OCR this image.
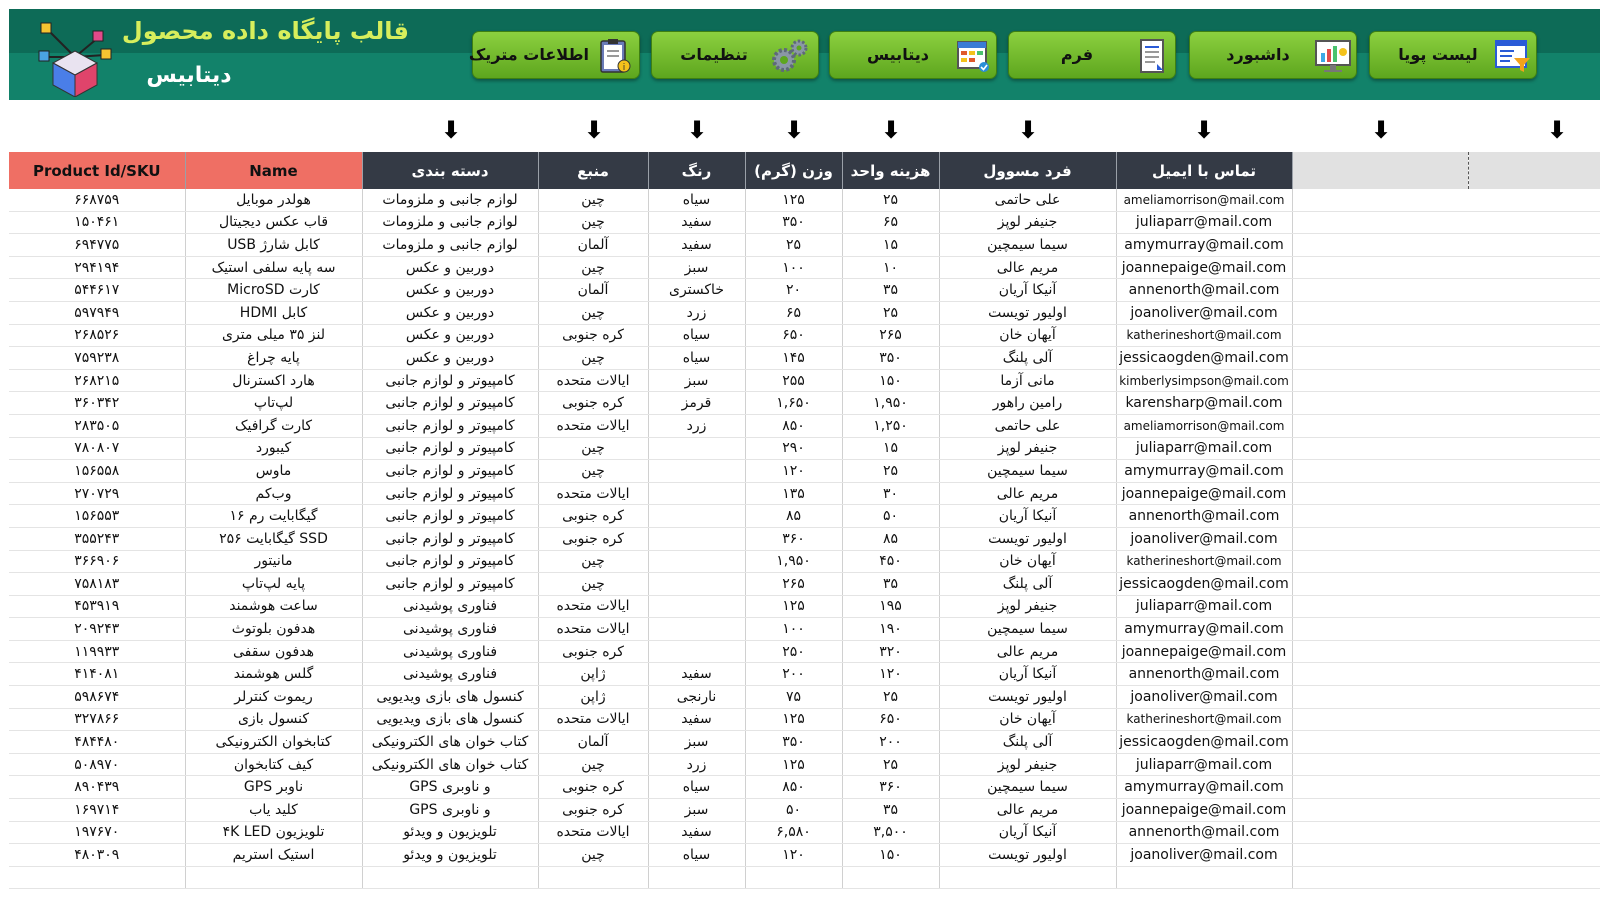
قالب پایگاه داده محصول
دیتابیس
لیست پویا
داشبورد
فرم
دیتابیس
تنظیمات
i
اطلاعات متریک
⬇	⬇	⬇	⬇	⬇	⬇	⬇	⬇	⬇
Product Id/SKU	Name	دسته بندی	منبع	رنگ	وزن (گرم)	هزینه واحد	فرد مسوول	تماس با ایمیل		
۶۶۸۷۵۹	هولدر موبایل	لوازم جانبی و ملزومات	چین	سیاه	۱۲۵	۲۵	علی حاتمی	ameliamorrison@mail.com		
۱۵۰۴۶۱	قاب عکس دیجیتال	لوازم جانبی و ملزومات	چین	سفید	۳۵۰	۶۵	جنیفر لوپز	juliaparr@mail.com		
۶۹۴۷۷۵	کابل شارژ USB	لوازم جانبی و ملزومات	آلمان	سفید	۲۵	۱۵	سیما سیمچین	amymurray@mail.com		
۲۹۴۱۹۴	سه پایه سلفی استیک	دوربین و عکس	چین	سبز	۱۰۰	۱۰	مریم عالی	joannepaige@mail.com		
۵۴۴۶۱۷	کارت MicroSD	دوربین و عکس	آلمان	خاکستری	۲۰	۳۵	آنیکا آریان	annenorth@mail.com		
۵۹۷۹۴۹	کابل HDMI	دوربین و عکس	چین	زرد	۶۵	۲۵	اولیور تویست	joanoliver@mail.com		
۲۶۸۵۲۶	لنز ۳۵ میلی متری	دوربین و عکس	کره جنوبی	سیاه	۶۵۰	۲۶۵	آیهان خان	katherineshort@mail.com		
۷۵۹۲۳۸	پایه چراغ	دوربین و عکس	چین	سیاه	۱۴۵	۳۵۰	آلی پلنگ	jessicaogden@mail.com		
۲۶۸۲۱۵	هارد اکسترنال	کامپیوتر و لوازم جانبی	ایالات متحده	سبز	۲۵۵	۱۵۰	مانی آزما	kimberlysimpson@mail.com		
۳۶۰۳۴۲	لپ‌تاپ	کامپیوتر و لوازم جانبی	کره جنوبی	قرمز	۱,۶۵۰	۱,۹۵۰	رامین راهور	karensharp@mail.com		
۲۸۳۵۰۵	کارت گرافیک	کامپیوتر و لوازم جانبی	ایالات متحده	زرد	۸۵۰	۱,۲۵۰	علی حاتمی	ameliamorrison@mail.com		
۷۸۰۸۰۷	کیبورد	کامپیوتر و لوازم جانبی	چین		۲۹۰	۱۵	جنیفر لوپز	juliaparr@mail.com		
۱۵۶۵۵۸	ماوس	کامپیوتر و لوازم جانبی	چین		۱۲۰	۲۵	سیما سیمچین	amymurray@mail.com		
۲۷۰۷۲۹	وب‌کم	کامپیوتر و لوازم جانبی	ایالات متحده		۱۳۵	۳۰	مریم عالی	joannepaige@mail.com		
۱۵۶۵۵۳	گیگابایت رم ۱۶	کامپیوتر و لوازم جانبی	کره جنوبی		۸۵	۵۰	آنیکا آریان	annenorth@mail.com		
۳۵۵۲۴۳	SSD گیگابایت ۲۵۶	کامپیوتر و لوازم جانبی	کره جنوبی		۳۶۰	۸۵	اولیور تویست	joanoliver@mail.com		
۳۶۶۹۰۶	مانیتور	کامپیوتر و لوازم جانبی	چین		۱,۹۵۰	۴۵۰	آیهان خان	katherineshort@mail.com		
۷۵۸۱۸۳	پایه لپ‌تاپ	کامپیوتر و لوازم جانبی	چین		۲۶۵	۳۵	آلی پلنگ	jessicaogden@mail.com		
۴۵۳۹۱۹	ساعت هوشمند	فناوری پوشیدنی	ایالات متحده		۱۲۵	۱۹۵	جنیفر لوپز	juliaparr@mail.com		
۲۰۹۲۴۳	هدفون بلوتوث	فناوری پوشیدنی	ایالات متحده		۱۰۰	۱۹۰	سیما سیمچین	amymurray@mail.com		
۱۱۹۹۳۳	هدفون سقفی	فناوری پوشیدنی	کره جنوبی		۲۵۰	۳۲۰	مریم عالی	joannepaige@mail.com		
۴۱۴۰۸۱	گلس هوشمند	فناوری پوشیدنی	ژاپن	سفید	۲۰۰	۱۲۰	آنیکا آریان	annenorth@mail.com		
۵۹۸۶۷۴	ریموت کنترلر	کنسول های بازی ویدیویی	ژاپن	نارنجی	۷۵	۲۵	اولیور تویست	joanoliver@mail.com		
۳۲۷۸۶۶	کنسول بازی	کنسول های بازی ویدیویی	ایالات متحده	سفید	۱۲۵	۶۵۰	آیهان خان	katherineshort@mail.com		
۴۸۴۴۸۰	کتابخوان الکترونیکی	کتاب خوان های الکترونیکی	آلمان	سبز	۳۵۰	۲۰۰	آلی پلنگ	jessicaogden@mail.com		
۵۰۸۹۷۰	کیف کتابخوان	کتاب خوان های الکترونیکی	چین	زرد	۱۲۵	۲۵	جنیفر لوپز	juliaparr@mail.com		
۸۹۰۴۳۹	ناوبر GPS	و ناوبری GPS	کره جنوبی	سیاه	۸۵۰	۳۶۰	سیما سیمچین	amymurray@mail.com		
۱۶۹۷۱۴	کلید یاب	و ناوبری GPS	کره جنوبی	سبز	۵۰	۳۵	مریم عالی	joannepaige@mail.com		
۱۹۷۶۷۰	تلویزیون ۴K LED	تلویزیون و ویدئو	ایالات متحده	سفید	۶,۵۸۰	۳,۵۰۰	آنیکا آریان	annenorth@mail.com		
۴۸۰۳۰۹	استیک استریم	تلویزیون و ویدئو	چین	سیاه	۱۲۰	۱۵۰	اولیور تویست	joanoliver@mail.com		
